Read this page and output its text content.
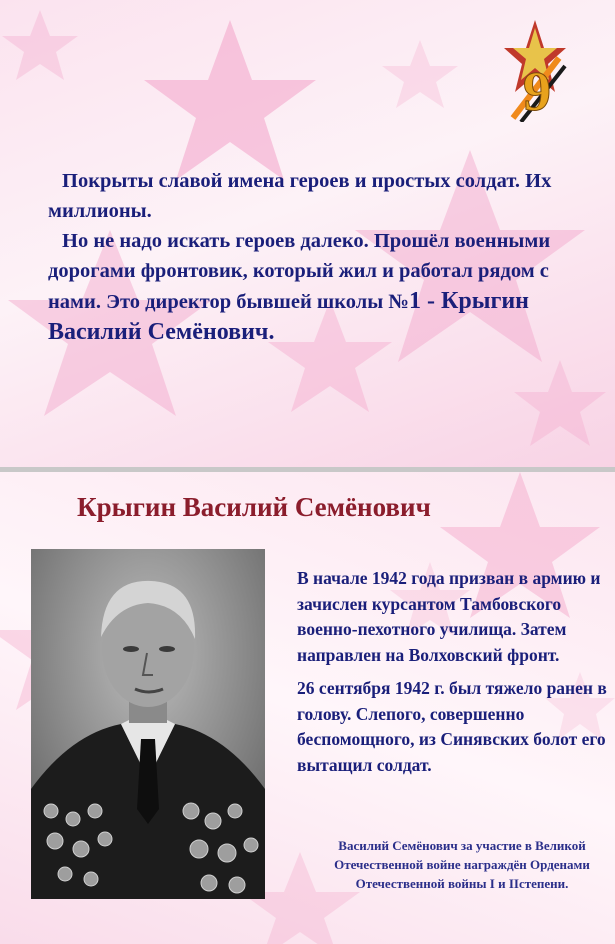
9

Покрыты славой имена героев и простых солдат. Их миллионы.

Но не надо искать героев далеко. Прошёл военными дорогами фронтовик, который жил и работал рядом с нами. Это директор бывшей школы №1 - Крыгин Василий Семёнович.

Крыгин Василий Семёнович

В начале 1942 года призван в армию и зачислен курсантом Тамбовского военно-пехотного училища. Затем направлен на Волховский фронт.

26 сентября 1942 г. был тяжело ранен в голову. Слепого, совершенно беспомощного, из Синявских болот его вытащил солдат.

Василий Семёнович за участие в Великой
Отечественной войне награждён Орденами
Отечественной войны I и IIстепени.
